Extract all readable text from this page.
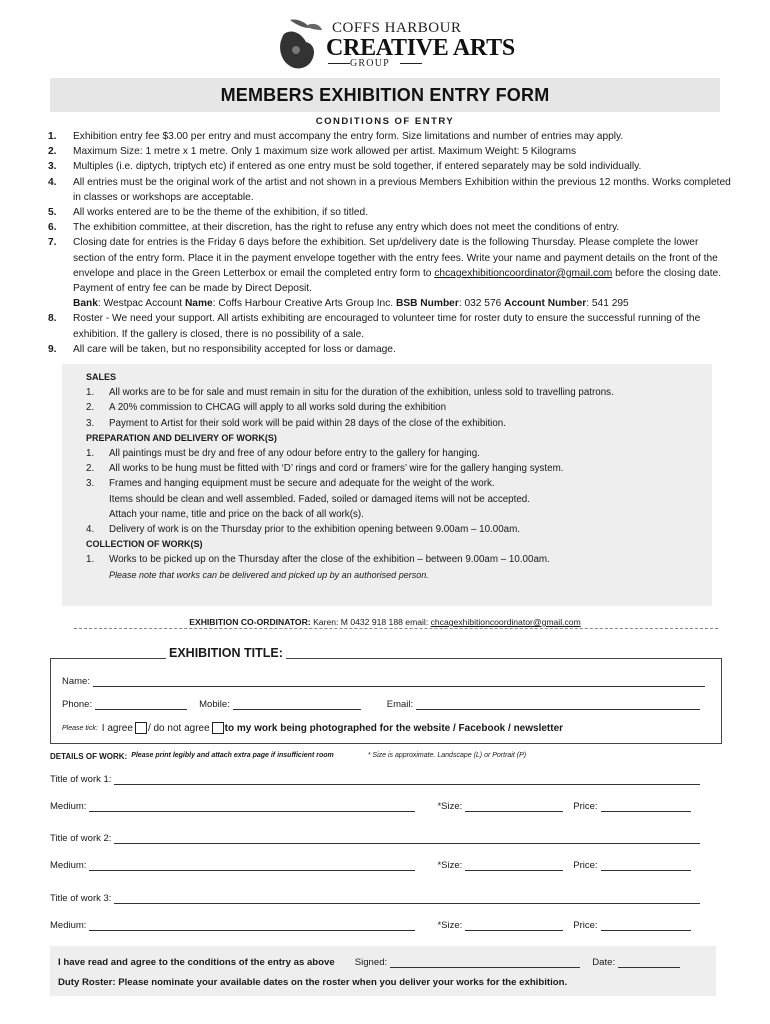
COFFS HARBOUR
CREATIVE ARTS
GROUP
MEMBERS EXHIBITION ENTRY FORM
CONDITIONS OF ENTRY
1.	Exhibition entry fee $3.00 per entry and must accompany the entry form. Size limitations and number of entries may apply.
2.	Maximum Size: 1 metre x 1 metre. Only 1 maximum size work allowed per artist. Maximum Weight: 5 Kilograms
3.	Multiples (i.e. diptych, triptych etc) if entered as one entry must be sold together, if entered separately may be sold individually.
4.	All entries must be the original work of the artist and not shown in a previous Members Exhibition within the previous 12 months. Works completed in classes or workshops are acceptable.
5.	All works entered are to be the theme of the exhibition, if so titled.
6.	The exhibition committee, at their discretion, has the right to refuse any entry which does not meet the conditions of entry.
7.	Closing date for entries is the Friday 6 days before the exhibition. Set up/delivery date is the following Thursday. Please complete the lower section of the entry form. Place it in the payment envelope together with the entry fees. Write your name and payment details on the front of the envelope and place in the Green Letterbox or email the completed entry form to chcagexhibitioncoordinator@gmail.com before the closing date. Payment of entry fee can be made by Direct Deposit.
Bank: Westpac Account Name: Coffs Harbour Creative Arts Group Inc. BSB Number: 032 576 Account Number: 541 295
8.	Roster - We need your support. All artists exhibiting are encouraged to volunteer time for roster duty to ensure the successful running of the exhibition. If the gallery is closed, there is no possibility of a sale.
9.	All care will be taken, but no responsibility accepted for loss or damage.
SALES
1.	All works are to be for sale and must remain in situ for the duration of the exhibition, unless sold to travelling patrons.
2.	A 20% commission to CHCAG will apply to all works sold during the exhibition
3.	Payment to Artist for their sold work will be paid within 28 days of the close of the exhibition.
PREPARATION AND DELIVERY OF WORK(S)
1.	All paintings must be dry and free of any odour before entry to the gallery for hanging.
2.	All works to be hung must be fitted with ‘D’ rings and cord or framers’ wire for the gallery hanging system.
3.	Frames and hanging equipment must be secure and adequate for the weight of the work.
Items should be clean and well assembled. Faded, soiled or damaged items will not be accepted.
Attach your name, title and price on the back of all work(s).
4.	Delivery of work is on the Thursday prior to the exhibition opening between 9.00am – 10.00am.
COLLECTION OF WORK(S)
1.	Works to be picked up on the Thursday after the close of the exhibition – between 9.00am – 10.00am.
Please note that works can be delivered and picked up by an authorised person.
EXHIBITION CO-ORDINATOR: Karen: M 0432 918 188 email: chcagexhibitioncoordinator@gmail.com
EXHIBITION TITLE:
Name:
Phone:	Mobile:	Email:
Please tick: I agree / do not agree to my work being photographed for the website / Facebook / newsletter
DETAILS OF WORK: Please print legibly and attach extra page if insufficient room	* Size is approximate. Landscape (L) or Portrait (P)
Title of work 1:
Medium:	*Size:	Price:
Title of work 2:
Medium:	*Size:	Price:
Title of work 3:
Medium:	*Size:	Price:
I have read and agree to the conditions of the entry as above Signed:	Date:
Duty Roster: Please nominate your available dates on the roster when you deliver your works for the exhibition.
